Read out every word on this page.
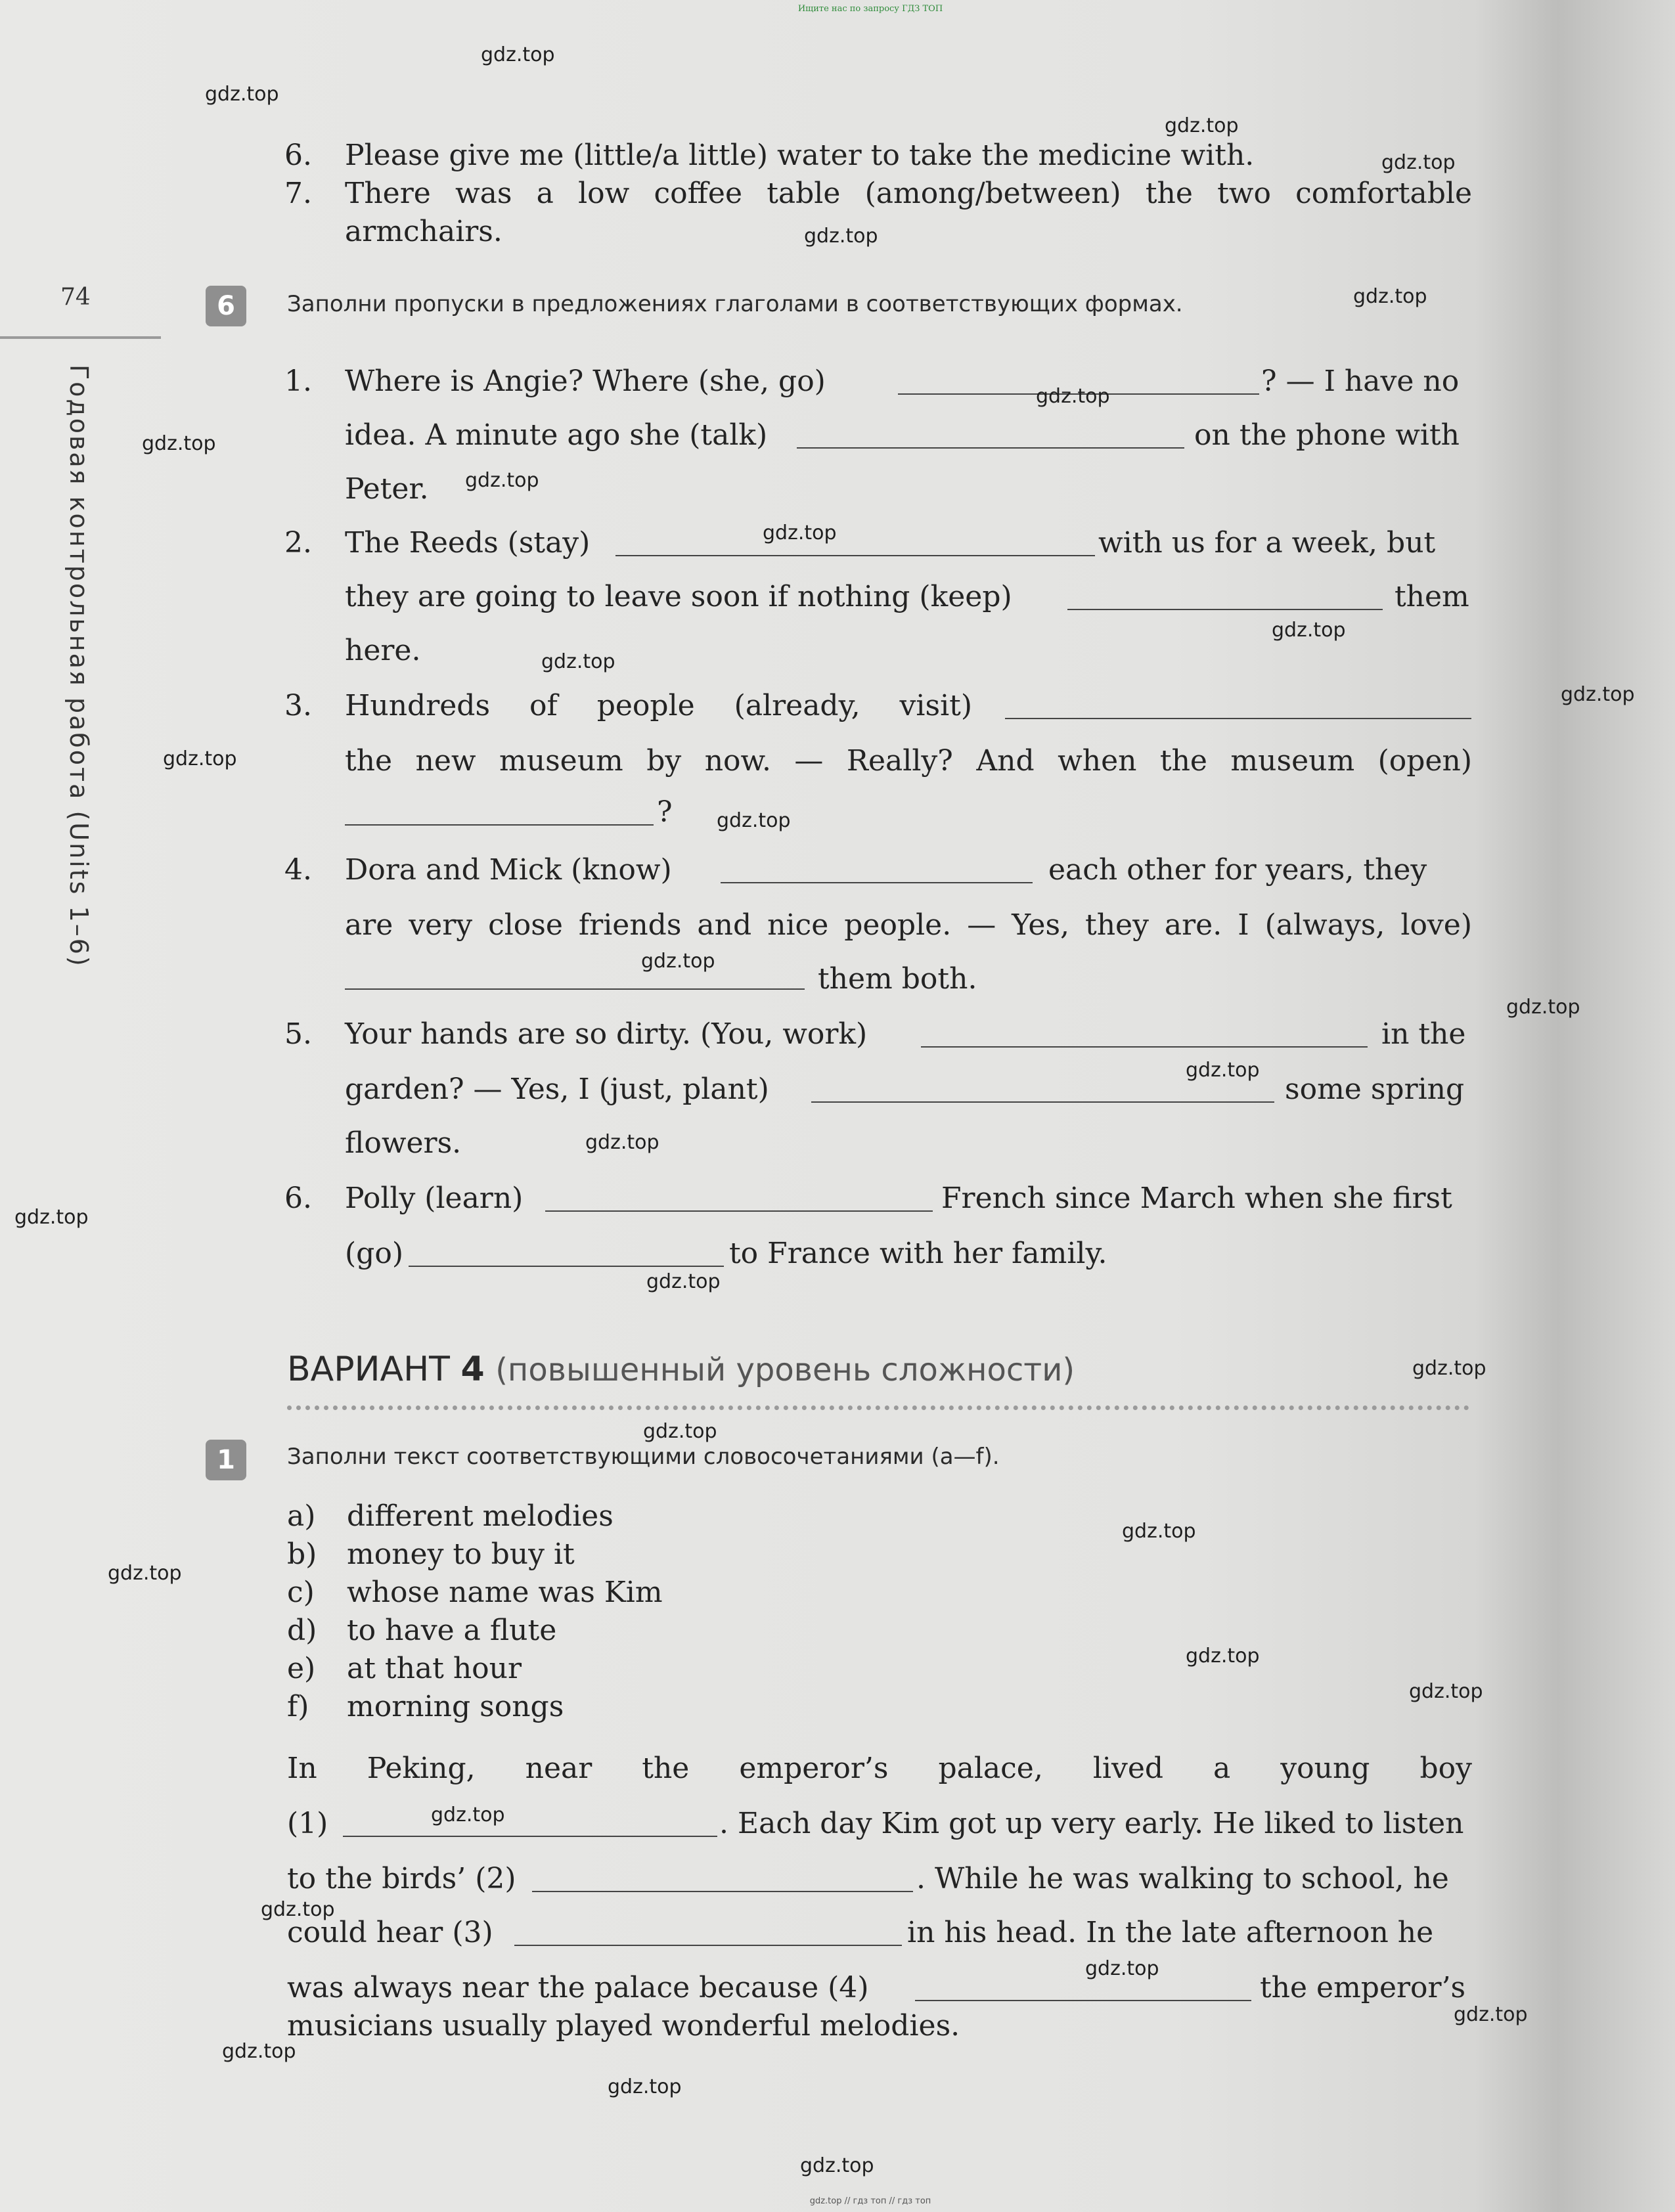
Ищите нас по запросу ГДЗ ТОП
74
Годовая контрольная работа (Units 1–6)
6. Please give me (little/a little) water to take the medicine with.
7. There was a low coffee table (among/between) the two comfortable
armchairs.
6	Заполни пропуски в предложениях глаголами в соответствующих формах.
1. Where is Angie? Where (she, go)	? — I have no
idea. A minute ago she (talk)	on the phone with
Peter.
2. The Reeds (stay)	with us for a week, but
they are going to leave soon if nothing (keep)	them
here.
3. Hundreds of people (already, visit)
the new museum by now. — Really? And when the museum (open)
?
4. Dora and Mick (know)	each other for years, they
are very close friends and nice people. — Yes, they are. I (always, love)
them both.
5. Your hands are so dirty. (You, work)	in the
garden? — Yes, I (just, plant)	some spring
flowers.
6. Polly (learn)	French since March when she first
(go)	to France with her family.
ВАРИАНТ 4 (повышенный уровень сложности)
1	Заполни текст соответствующими словосочетаниями (a—f).
a) different melodies
b) money to buy it
c) whose name was Kim
d) to have a flute
e) at that hour
f) morning songs
In Peking, near the emperor’s palace, lived a young boy
(1)	. Each day Kim got up very early. He liked to listen
to the birds’ (2)	. While he was walking to school, he
could hear (3)	in his head. In the late afternoon he
was always near the palace because (4)	the emperor’s
musicians usually played wonderful melodies.
gdz.top
gdz.top
gdz.top
gdz.top
gdz.top
gdz.top
gdz.top
gdz.top
gdz.top
gdz.top
gdz.top
gdz.top
gdz.top
gdz.top
gdz.top
gdz.top
gdz.top
gdz.top
gdz.top
gdz.top
gdz.top
gdz.top
gdz.top
gdz.top
gdz.top
gdz.top
gdz.top
gdz.top
gdz.top
gdz.top
gdz.top
gdz.top
gdz.top
gdz.top
gdz.top // гдз топ // гдз топ
